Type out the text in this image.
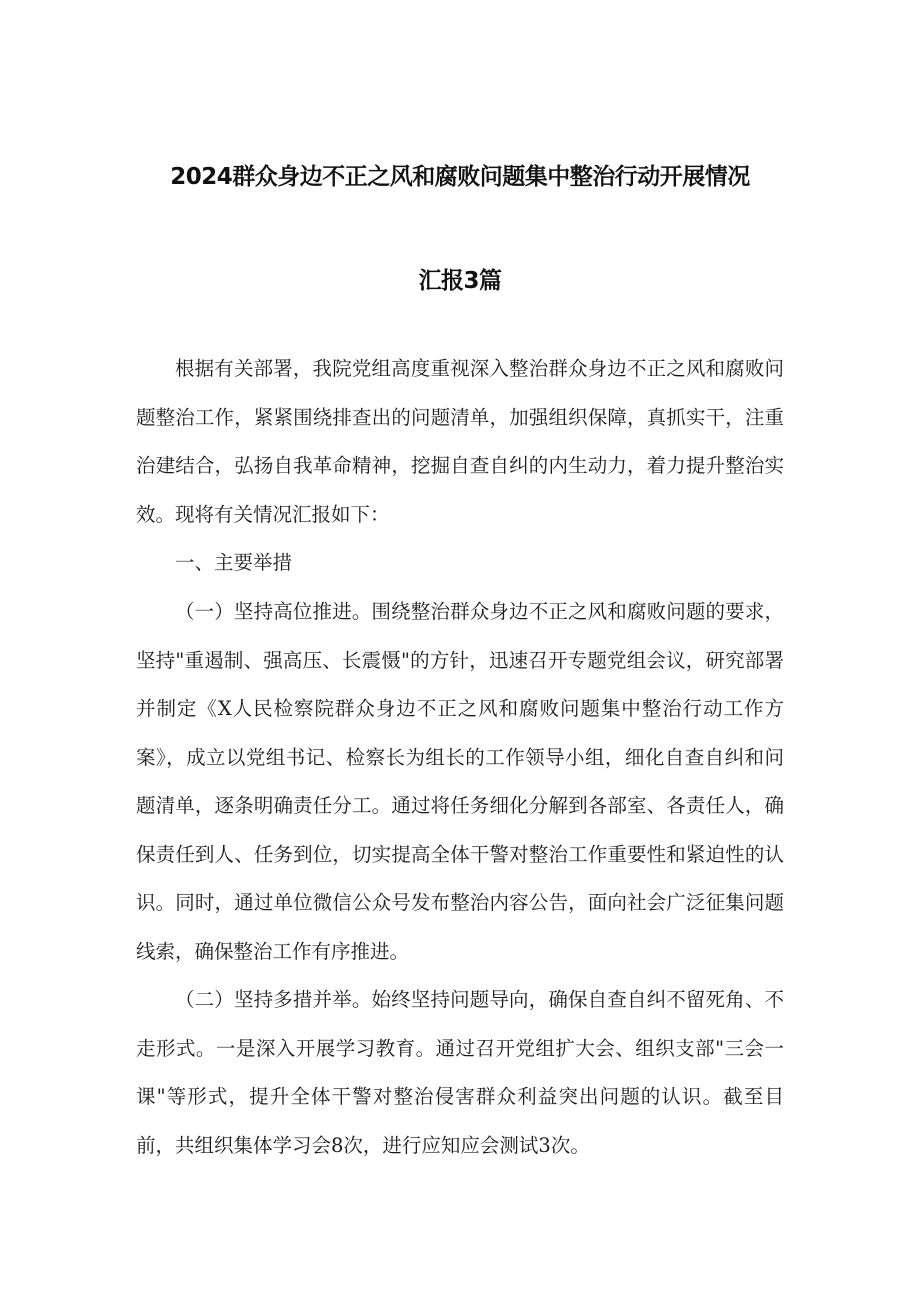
2024群众身边不正之风和腐败问题集中整治行动开展情况
汇报3篇

根据有关部署，我院党组高度重视深入整治群众身边不正之风和腐败问题整治工作，紧紧围绕排查出的问题清单，加强组织保障，真抓实干，注重治建结合，弘扬自我革命精神，挖掘自查自纠的内生动力，着力提升整治实效。现将有关情况汇报如下：

一、主要举措

（一）坚持高位推进。围绕整治群众身边不正之风和腐败问题的要求，坚持"重遏制、强高压、长震慑"的方针，迅速召开专题党组会议，研究部署并制定《X人民检察院群众身边不正之风和腐败问题集中整治行动工作方案》，成立以党组书记、检察长为组长的工作领导小组，细化自查自纠和问题清单，逐条明确责任分工。通过将任务细化分解到各部室、各责任人，确保责任到人、任务到位，切实提高全体干警对整治工作重要性和紧迫性的认识。同时，通过单位微信公众号发布整治内容公告，面向社会广泛征集问题线索，确保整治工作有序推进。

（二）坚持多措并举。始终坚持问题导向，确保自查自纠不留死角、不走形式。一是深入开展学习教育。通过召开党组扩大会、组织支部"三会一课"等形式，提升全体干警对整治侵害群众利益突出问题的认识。截至目前，共组织集体学习会8次，进行应知应会测试3次。
